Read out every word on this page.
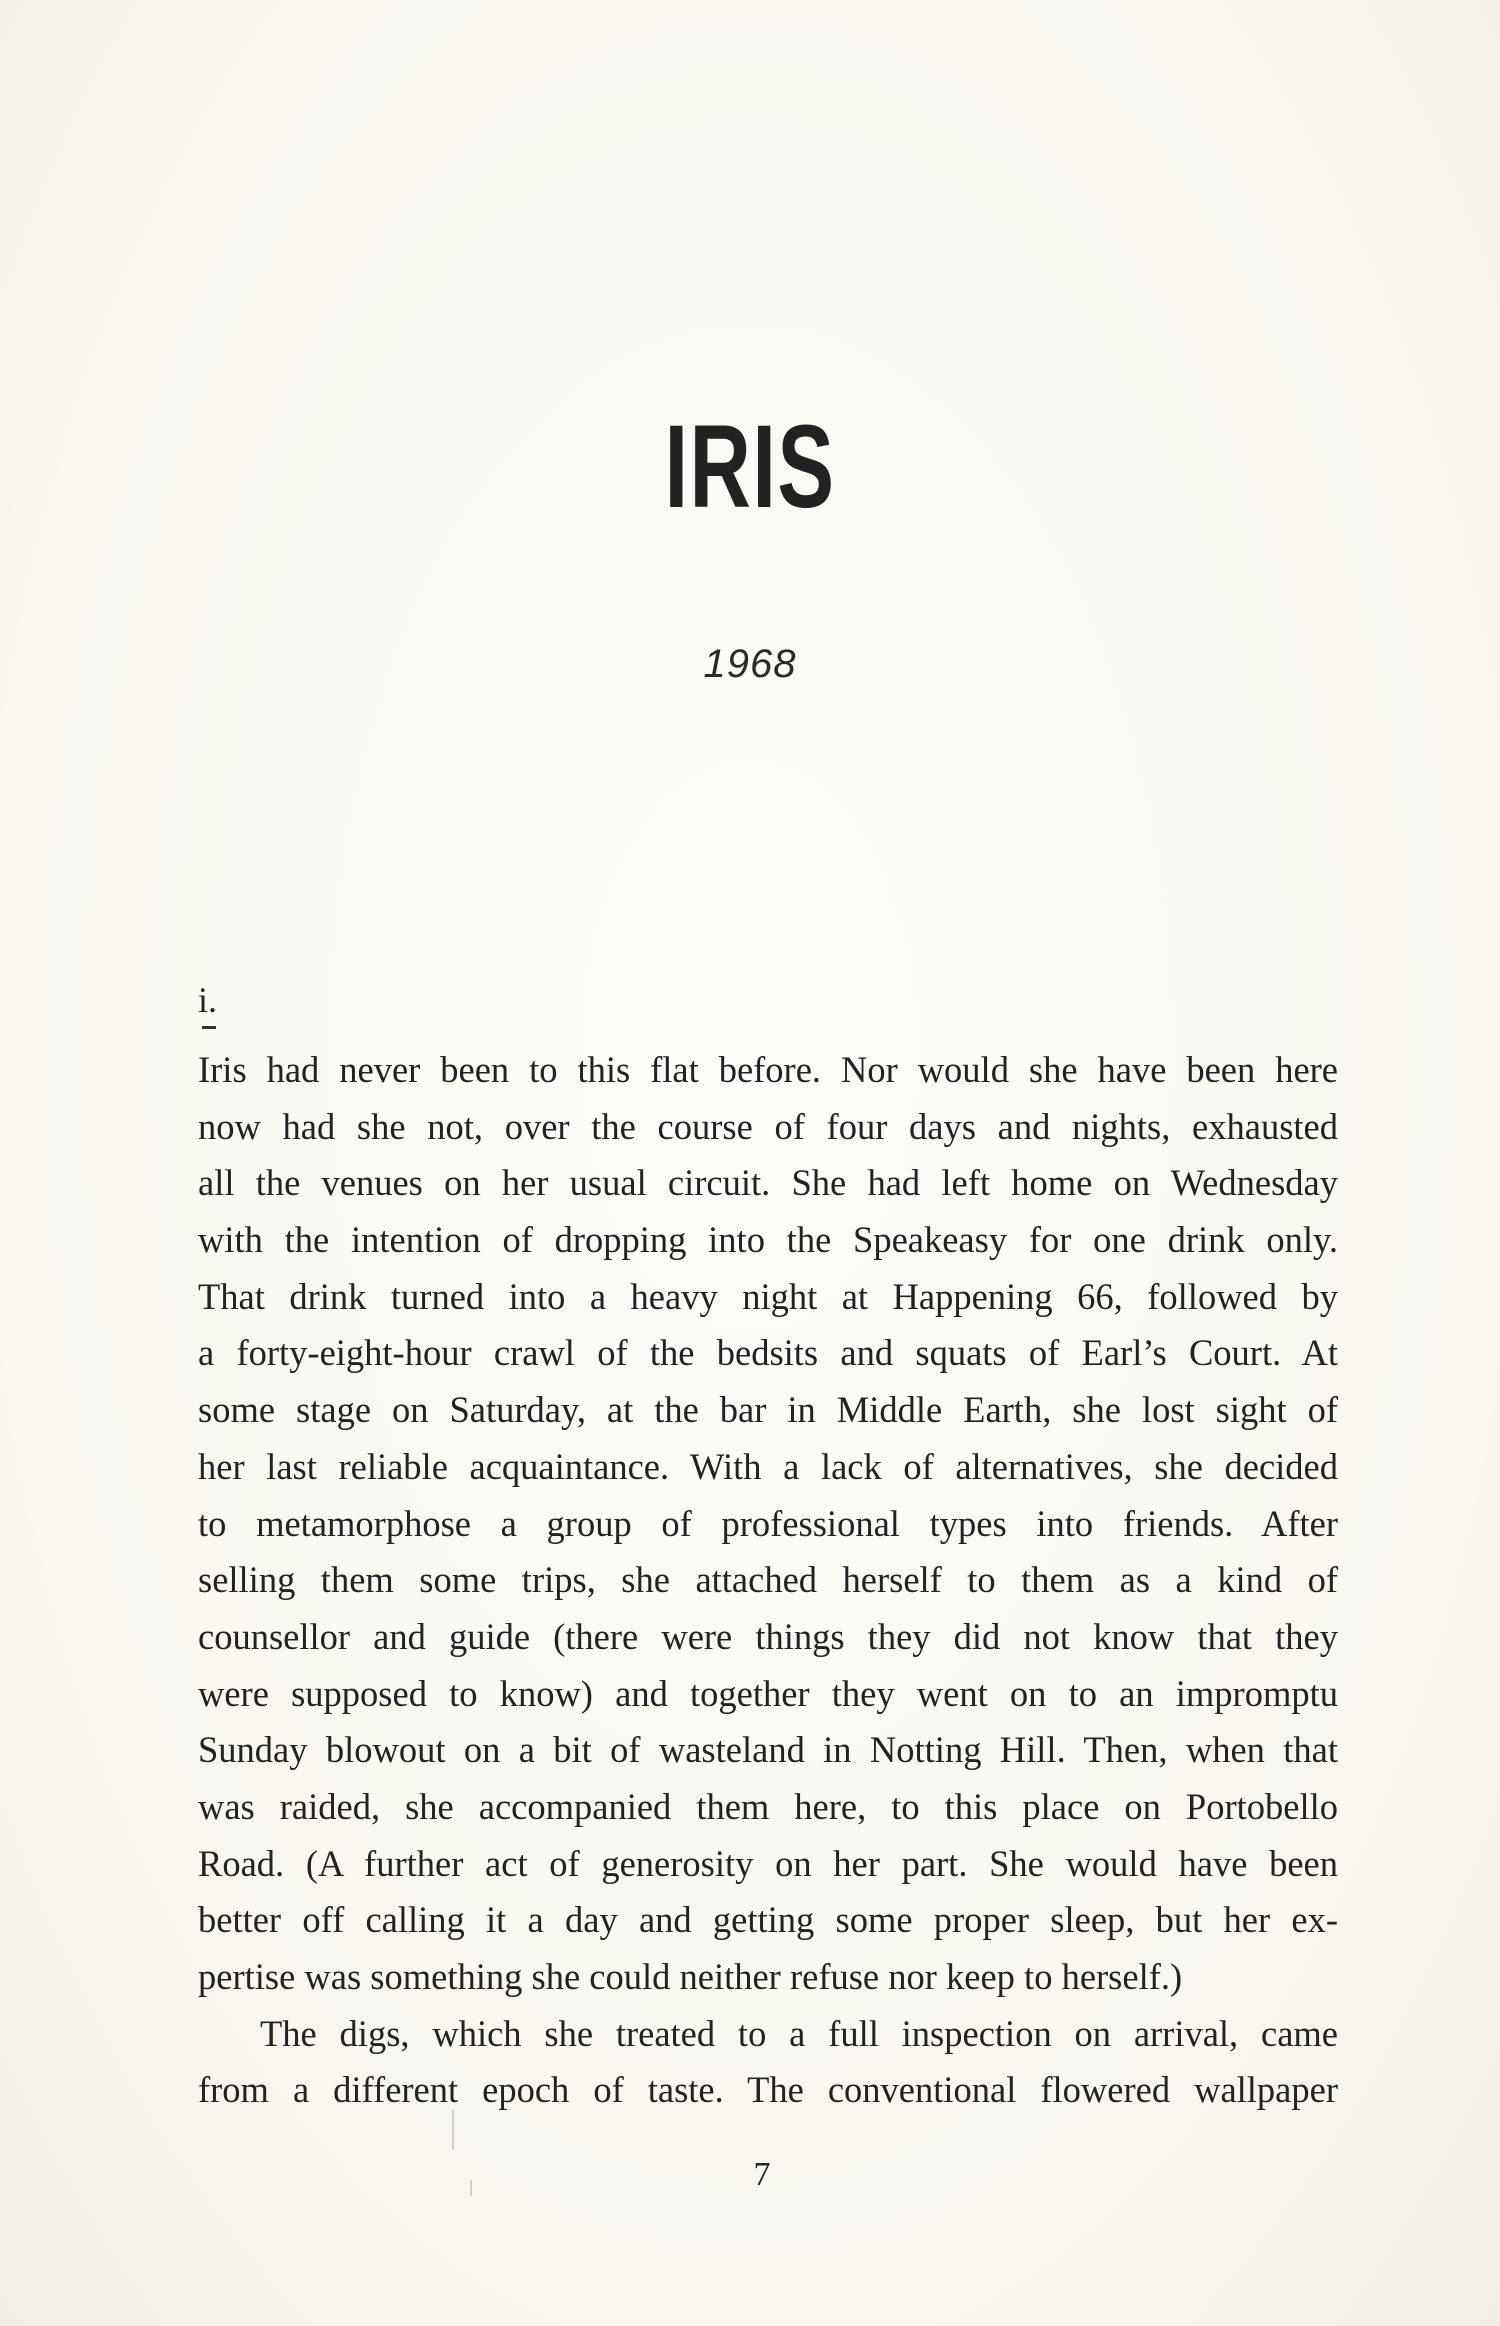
IRIS
1968
i.
Iris had never been to this flat before. Nor would she have been here
now had she not, over the course of four days and nights, exhausted
all the venues on her usual circuit. She had left home on Wednesday
with the intention of dropping into the Speakeasy for one drink only.
That drink turned into a heavy night at Happening 66, followed by
a forty-eight-hour crawl of the bedsits and squats of Earl’s Court. At
some stage on Saturday, at the bar in Middle Earth, she lost sight of
her last reliable acquaintance. With a lack of alternatives, she decided
to metamorphose a group of professional types into friends. After
selling them some trips, she attached herself to them as a kind of
counsellor and guide (there were things they did not know that they
were supposed to know) and together they went on to an impromptu
Sunday blowout on a bit of wasteland in Notting Hill. Then, when that
was raided, she accompanied them here, to this place on Portobello
Road. (A further act of generosity on her part. She would have been
better off calling it a day and getting some proper sleep, but her ex-
pertise was something she could neither refuse nor keep to herself.)
The digs, which she treated to a full inspection on arrival, came
from a different epoch of taste. The conventional flowered wallpaper
7
